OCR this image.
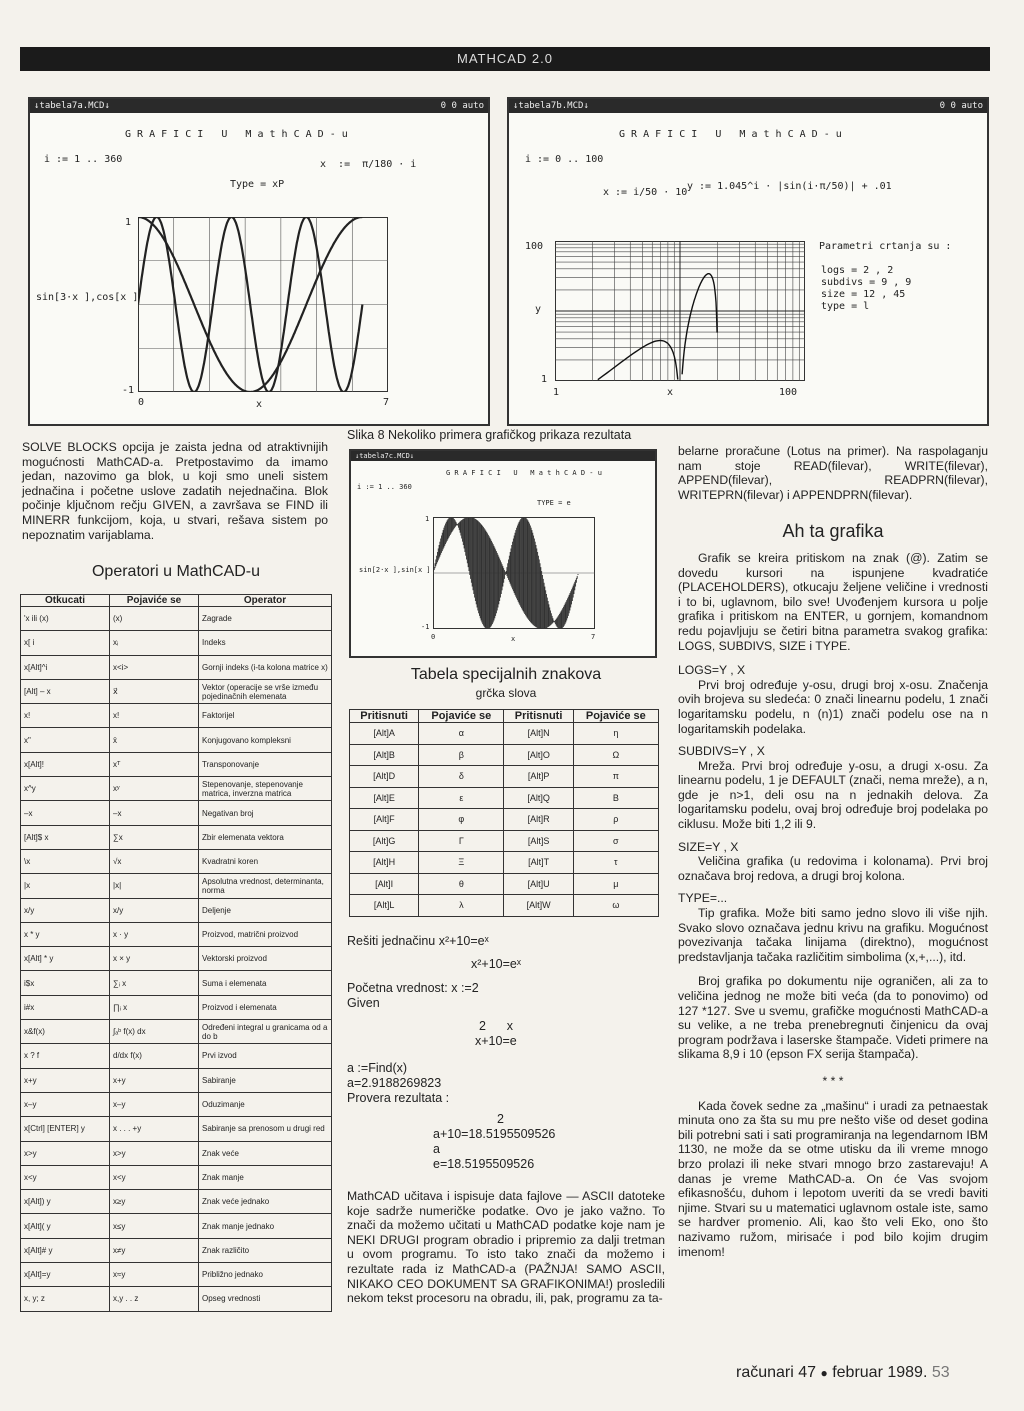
MATHCAD 2.0
↓tabela7a.MCD↓	0 0 auto
G R A F I C I   U   M a t h C A D - u
i := 1 .. 360	x  :=  π/180 · i
Type = xP
sin[3·x ],cos[x ]
1
-1
0	x	7
↓tabela7b.MCD↓	0 0 auto
G R A F I C I   U   M a t h C A D - u
i := 0 .. 100
x := i/50 · 10
y := 1.045^i · |sin(i·π/50)| + .01
Parametri crtanja su :
logs = 2 , 2
subdivs = 9 , 9
size = 12 , 45
type = l
100
y
1
1	x	100

SOLVE BLOCKS opcija je zaista jedna od atraktivnijih mogućnosti MathCAD-a. Pretpostavimo da imamo jedan, nazovimo ga blok, u koji smo uneli sistem jednačina i početne uslove zadatih nejednačina. Blok počinje ključnom rečju GIVEN, a završava se FIND ili MINERR funkcijom, koja, u stvari, rešava sistem po nepoznatim varijablama.

Slika 8 Nekoliko primera grafičkog prikaza rezultata
↓tabela7c.MCD↓
G R A F I C I   U   M a t h C A D - u
i := 1 .. 360
TYPE = e
sin[2·x ],sin[x ]
1
-1
0	x	7
Operatori u MathCAD-u
Otkucati	Pojaviće se	Operator
'x ili (x)	(x)	Zagrade
x[ i	xᵢ	Indeks
x[Alt]^i	x<i>	Gornji indeks (i-ta kolona matrice x)
[Alt] – x	x⃗	Vektor (operacije se vrše između pojedinačnih elemenata
x!	x!	Faktorijel
x"	x̄	Konjugovano kompleksni
x[Alt]!	xᵀ	Transponovanje
x^y	xʸ	Stepenovanje, stepenovanje matrica, inverzna matrica
–x	–x	Negativan broj
[Alt]$ x	∑x	Zbir elemenata vektora
\x	√x	Kvadratni koren
|x	|x|	Apsolutna vrednost, determinanta, norma
x/y	x/y	Deljenje
x * y	x · y	Proizvod, matrični proizvod
x[Alt] * y	x × y	Vektorski proizvod
i$x	∑ᵢ x	Suma i elemenata
i#x	∏ᵢ x	Proizvod i elemenata
x&f(x)	∫ₐᵇ f(x) dx	Određeni integral u granicama od a do b
x ? f	d/dx f(x)	Prvi izvod
x+y	x+y	Sabiranje
x–y	x–y	Oduzimanje
x[Ctrl] [ENTER] y	x . . . +y	Sabiranje sa prenosom u drugi red
x>y	x>y	Znak veće
x<y	x<y	Znak manje
x[Alt]) y	x≥y	Znak veće jednako
x[Alt]( y	x≤y	Znak manje jednako
x[Alt]# y	x≠y	Znak različito
x[Alt]=y	x≈y	Približno jednako
x, y; z	x,y . . z	Opseg vrednosti
Tabela specijalnih znakova
grčka slova
Pritisnuti	Pojaviće se	Pritisnuti	Pojaviće se
[Alt]A	α	[Alt]N	η
[Alt]B	β	[Alt]O	Ω
[Alt]D	δ	[Alt]P	π
[Alt]E	ε	[Alt]Q	Β
[Alt]F	φ	[Alt]R	ρ
[Alt]G	Γ	[Alt]S	σ
[Alt]H	Ξ	[Alt]T	τ
[Alt]I	θ	[Alt]U	μ
[Alt]L	λ	[Alt]W	ω
Rešiti jednačinu x²+10=eˣ
x²+10=eˣ
Početna vrednost: x :=2
Given
2      x
x+10=e
a :=Find(x)
a=2.9188269823
Provera rezultata :
2
a+10=18.5195509526
a
e=18.5195509526

MathCAD učitava i ispisuje data fajlove — ASCII datoteke koje sadrže numeričke podatke. Ovo je jako važno. To znači da možemo učitati u MathCAD podatke koje nam je NEKI DRUGI program obradio i pripremio za dalji tretman u ovom programu. To isto tako znači da možemo i rezultate rada iz MathCAD-a (PAŽNJA! SAMO ASCII, NIKAKO CEO DOKUMENT SA GRAFIKONIMA!) prosledili nekom tekst procesoru na obradu, ili, pak, programu za ta-

belarne proračune (Lotus na primer). Na raspolaganju nam stoje READ(filevar), WRITE(filevar), APPEND(filevar), READPRN(filevar), WRITEPRN(filevar) i APPENDPRN(filevar).

Ah ta grafika

Grafik se kreira pritiskom na znak (@). Zatim se dovedu kursori na ispunjene kvadratiće (PLACEHOLDERS), otkucaju željene veličine i vrednosti i to bi, uglavnom, bilo sve! Uvođenjem kursora u polje grafika i pritiskom na ENTER, u gornjem, komandnom redu pojavljuju se četiri bitna parametra svakog grafika: LOGS, SUBDIVS, SIZE i TYPE.

LOGS=Y , X

Prvi broj određuje y-osu, drugi broj x-osu. Značenja ovih brojeva su sledeća: 0 znači linearnu podelu, 1 znači logaritamsku podelu, n (n)1) znači podelu ose na n logaritamskih podelaka.

SUBDIVS=Y , X

Mreža. Prvi broj određuje y-osu, a drugi x-osu. Za linearnu podelu, 1 je DEFAULT (znači, nema mreže), a n, gde je n>1, deli osu na n jednakih delova. Za logaritamsku podelu, ovaj broj određuje broj podelaka po ciklusu. Može biti 1,2 ili 9.

SIZE=Y , X

Veličina grafika (u redovima i kolonama). Prvi broj označava broj redova, a drugi broj kolona.

TYPE=...

Tip grafika. Može biti samo jedno slovo ili više njih. Svako slovo označava jednu krivu na grafiku. Mogućnost povezivanja tačaka linijama (direktno), mogućnost predstavljanja tačaka različitim simbolima (x,+,...), itd.

Broj grafika po dokumentu nije ograničen, ali za to veličina jednog ne može biti veća (da to ponovimo) od 127 *127. Sve u svemu, grafičke mogućnosti MathCAD-a su velike, a ne treba prenebregnuti činjenicu da ovaj program podržava i laserske štampače. Videti primere na slikama 8,9 i 10 (epson FX serija štampača).

* * *

Kada čovek sedne za „mašinu“ i uradi za petnaestak minuta ono za šta su mu pre nešto više od deset godina bili potrebni sati i sati programiranja na legendarnom IBM 1130, ne može da se otme utisku da ili vreme mnogo brzo prolazi ili neke stvari mnogo brzo zastarevaju! A danas je vreme MathCAD-a. On će Vas svojom efikasnošću, duhom i lepotom uveriti da se vredi baviti njime. Stvari su u matematici uglavnom ostale iste, samo se hardver promenio. Ali, kao što veli Eko, ono što nazivamo ružom, mirisaće i pod bilo kojim drugim imenom!

računari 47 ● februar 1989. 53
